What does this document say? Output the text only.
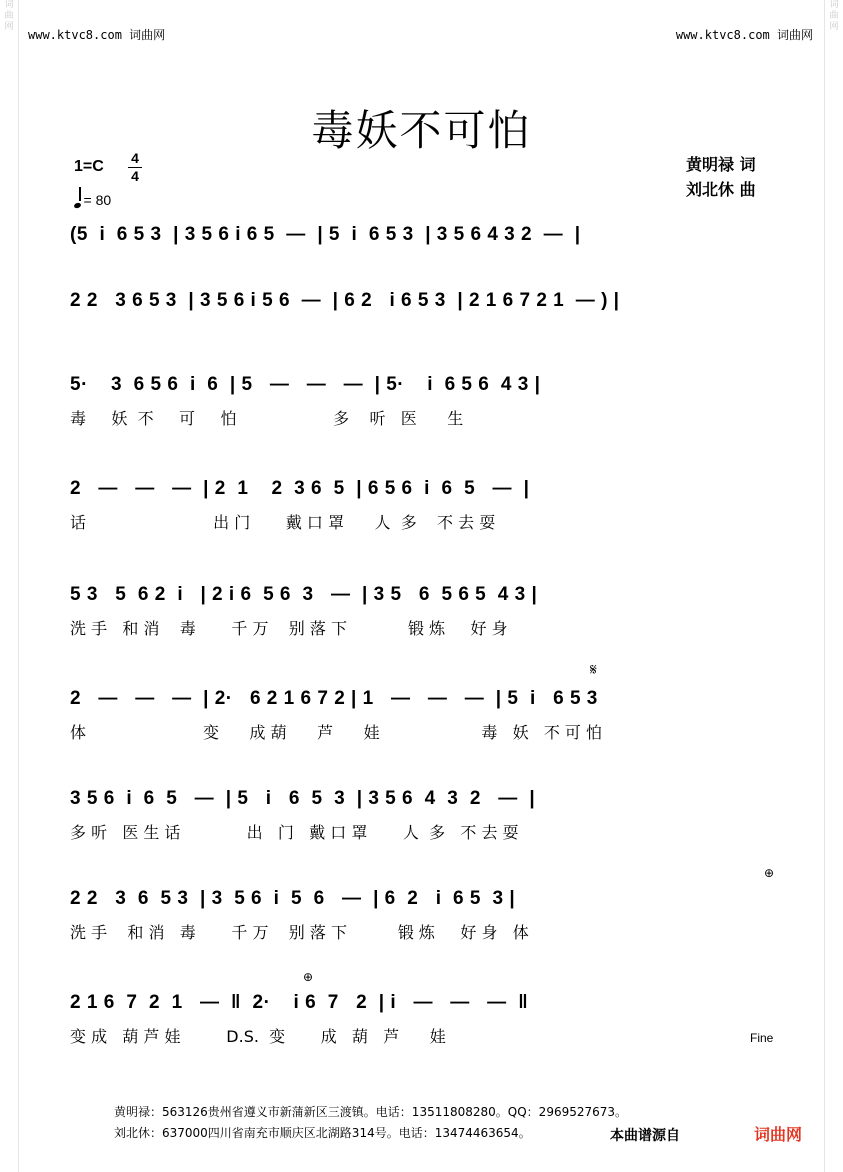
词
曲
网
词
曲
网
www.ktvc8.com 词曲网	www.ktvc8.com 词曲网
毒妖不可怕
1=C 4
4
= 80
黄明禄 词
刘北休 曲
(5  i  6 5 3  | 3 5 6 i 6 5  —  | 5  i  6 5 3  | 3 5 6 4 3 2  —  |
2 2   3 6 5 3  | 3 5 6 i 5 6  —  | 6 2   i 6 5 3  | 2 1 6 7 2 1  — ) |
5·    3  6 5 6  i  6  | 5   —   —   —  | 5·    i  6 5 6  4 3 |
毒     妖  不     可     怕                   多    听   医      生
2   —   —   —  | 2  1    2  3 6  5  | 6 5 6  i  6  5   —  |
话                         出 门       戴 口 罩      人  多    不 去 耍
5 3   5  6 2  i   | 2 i 6  5 6  3   —  | 3 5   6  5 6 5  4 3 |
洗 手   和 消    毒       千 万    别 落 下            锻 炼     好 身
2   —   —   —  | 2·   6 2 1 6 7 2 | 1   —   —   —  | 5  i   6 5 3
体                       变      成 葫      芦      娃                    毒   妖   不 可 怕
3 5 6  i  6  5   —  | 5   i   6  5  3  | 3 5 6  4  3  2   —  |
多 听   医 生 话             出   门   戴 口 罩       人  多   不 去 耍
2 2   3  6  5 3  | 3  5 6  i  5  6   —  | 6  2   i  6 5  3 |
洗 手    和 消   毒       千 万    别 落 下          锻 炼     好 身   体
2 1 6  7  2  1   —  ‖  2·    i 6  7   2  | i   —   —   —  ‖
变 成   葫 芦 娃         D.S.  变       成   葫   芦      娃
𝄋
⊕
⊕
Fine
黄明禄：563126贵州省遵义市新蒲新区三渡镇。电话：13511808280。QQ：2969527673。
刘北休：637000四川省南充市顺庆区北湖路314号。电话：13474463654。	本曲谱源自	词曲网
